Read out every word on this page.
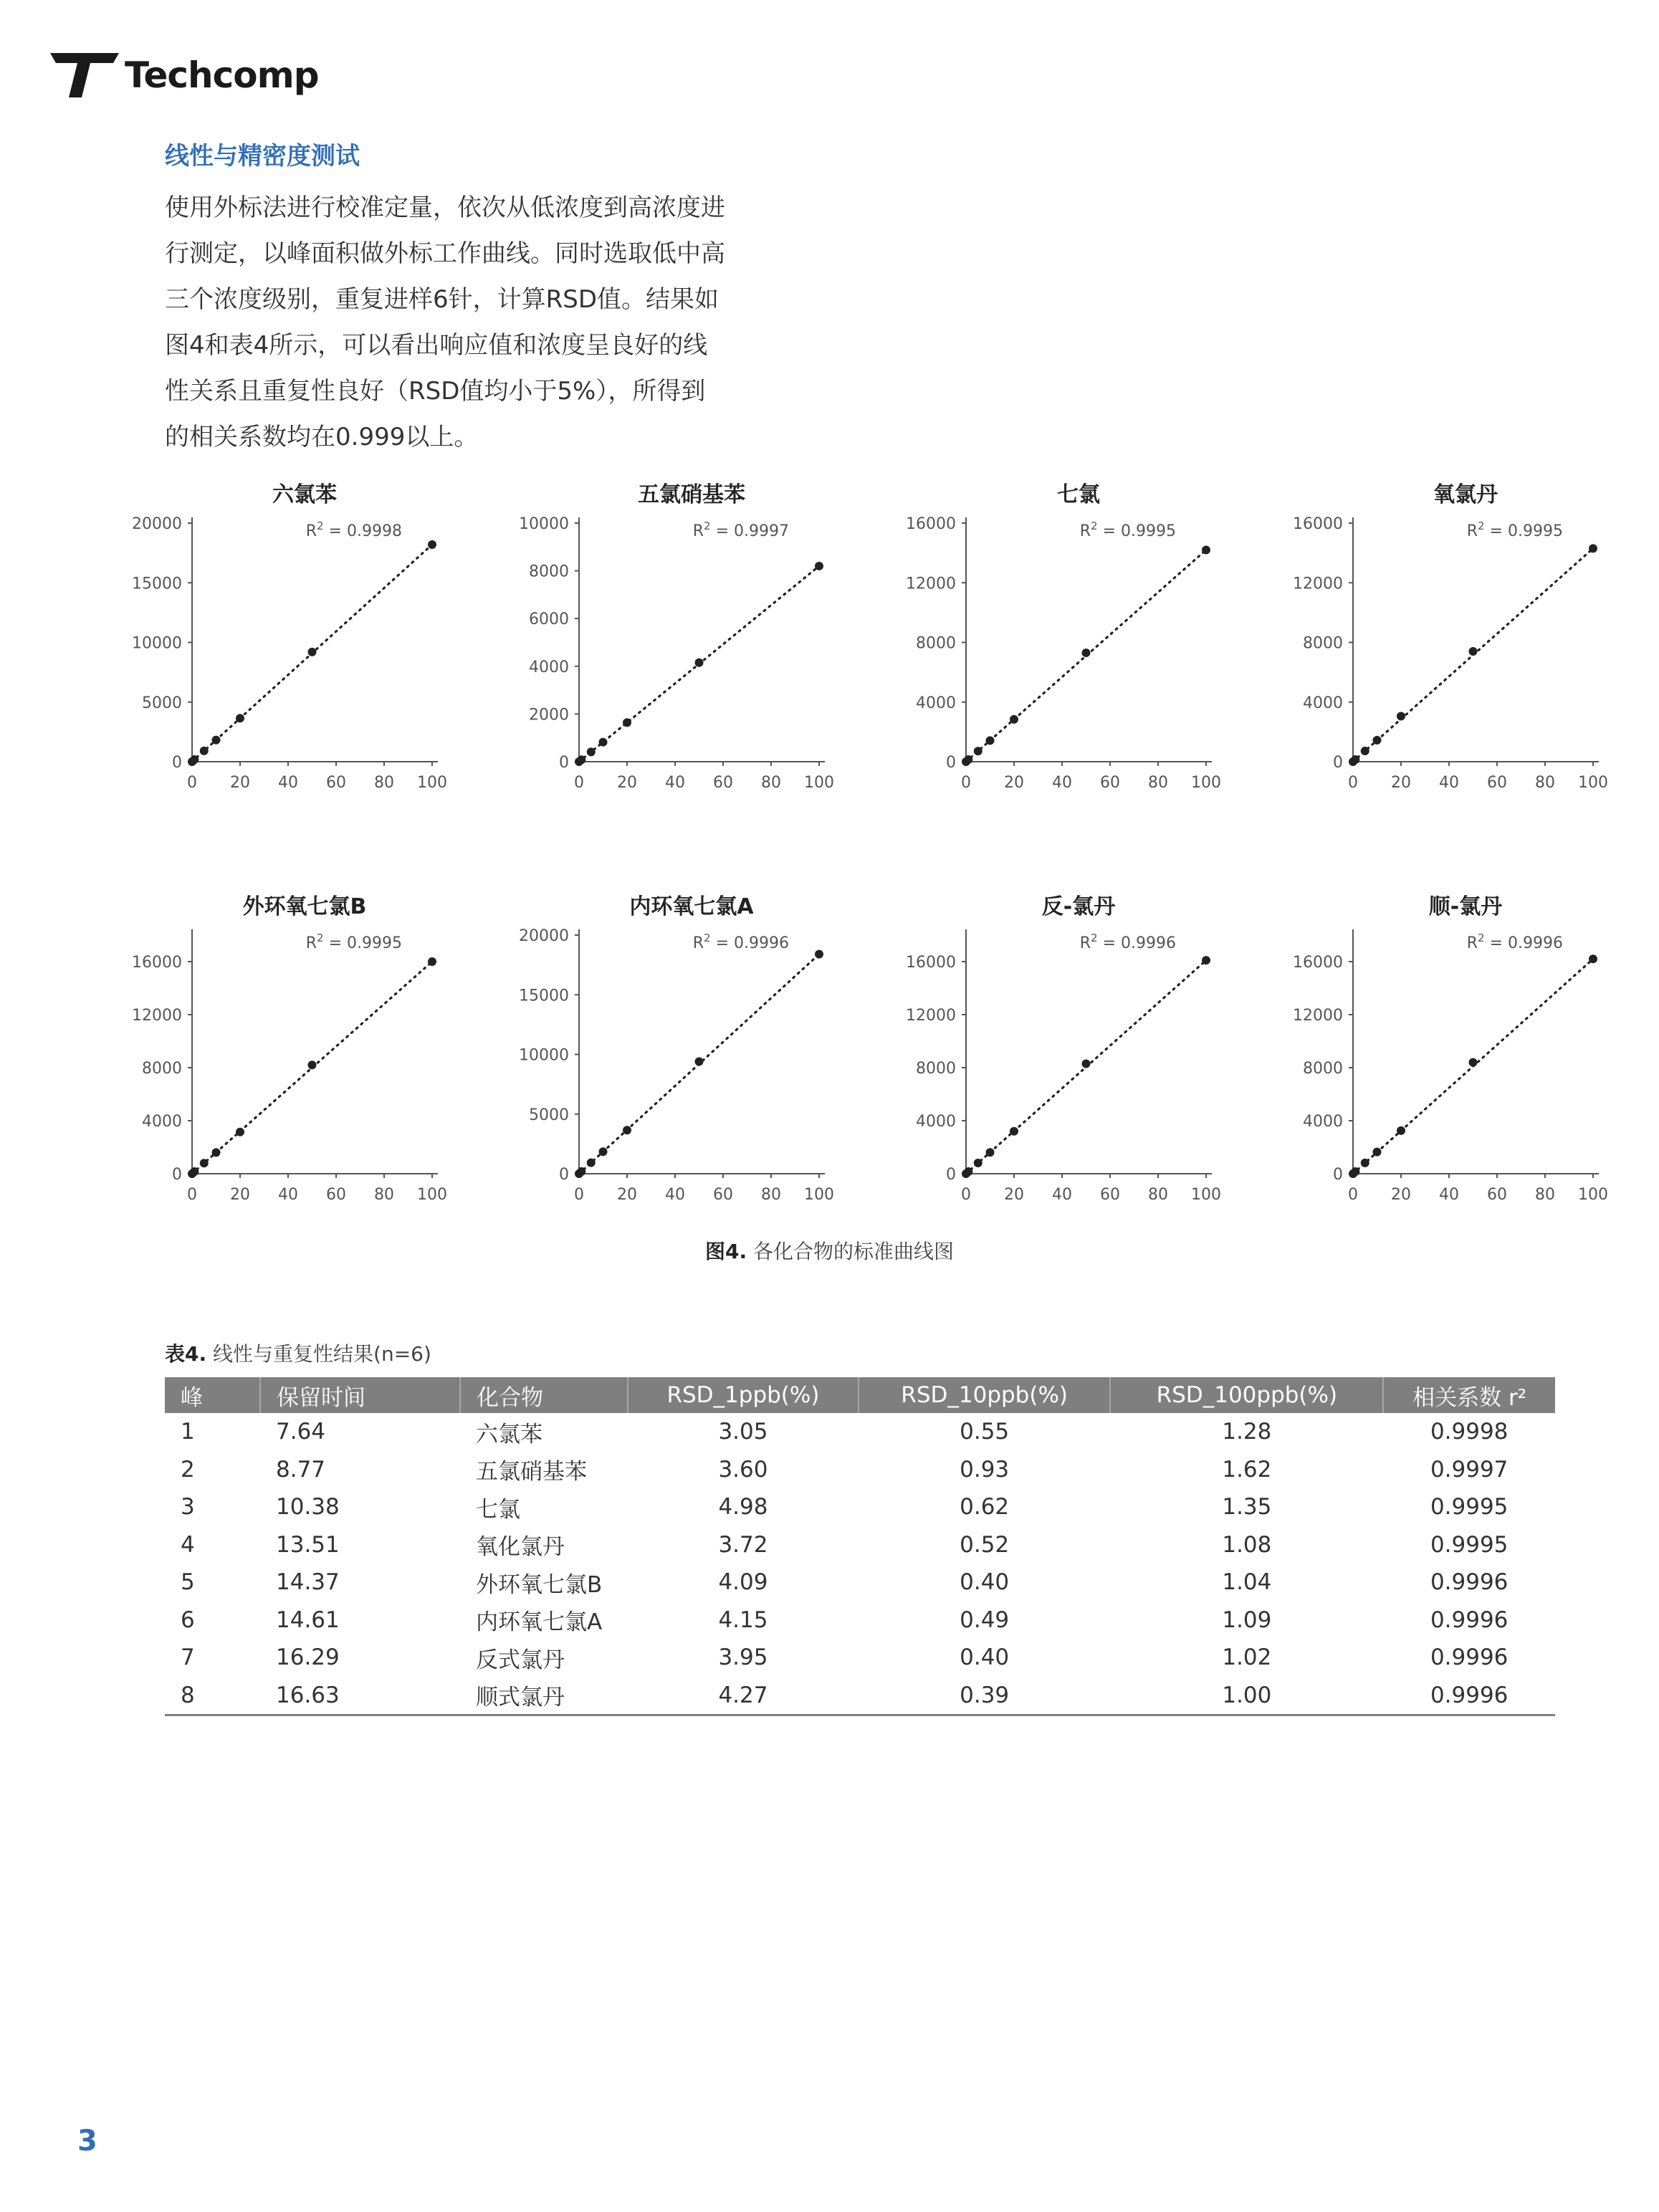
Techcomp
线性与精密度测试

使用外标法进行校准定量，依次从低浓度到高浓度进

行测定，以峰面积做外标工作曲线。同时选取低中高

三个浓度级别，重复进样6针，计算RSD值。结果如

图4和表4所示，可以看出响应值和浓度呈良好的线

性关系且重复性良好（RSD值均小于5%），所得到

的相关系数均在0.999以上。

六氯苯
0
5000
10000
15000
20000
0 20 40 60 80 100
$R^2 = 0.9998$
五氯硝基苯
0
2000
4000
6000
8000
10000
0 20 40 60 80 100
$R^2 = 0.9997$
七氯
0
4000
8000
12000
16000
0 20 40 60 80 100
$R^2 = 0.9995$
氧氯丹
0
4000
8000
12000
16000
0 20 40 60 80 100
$R^2 = 0.9995$
外环氧七氯B
0
4000
8000
12000
16000
0 20 40 60 80 100
$R^2 = 0.9995$
内环氧七氯A
0
5000
10000
15000
20000
0 20 40 60 80 100
$R^2 = 0.9996$
反-氯丹
0
4000
8000
12000
16000
0 20 40 60 80 100
$R^2 = 0.9996$
顺-氯丹
0
4000
8000
12000
16000
0 20 40 60 80 100
$R^2 = 0.9996$
图4. 各化合物的标准曲线图
表4. 线性与重复性结果(n=6)
峰	保留时间	化合物	RSD_1ppb(%)	RSD_10ppb(%)	RSD_100ppb(%)	相关系数 r²
1	7.64	六氯苯	3.05	0.55	1.28	0.9998
2	8.77	五氯硝基苯	3.60	0.93	1.62	0.9997
3	10.38	七氯	4.98	0.62	1.35	0.9995
4	13.51	氧化氯丹	3.72	0.52	1.08	0.9995
5	14.37	外环氧七氯B	4.09	0.40	1.04	0.9996
6	14.61	内环氧七氯A	4.15	0.49	1.09	0.9996
7	16.29	反式氯丹	3.95	0.40	1.02	0.9996
8	16.63	顺式氯丹	4.27	0.39	1.00	0.9996
3
